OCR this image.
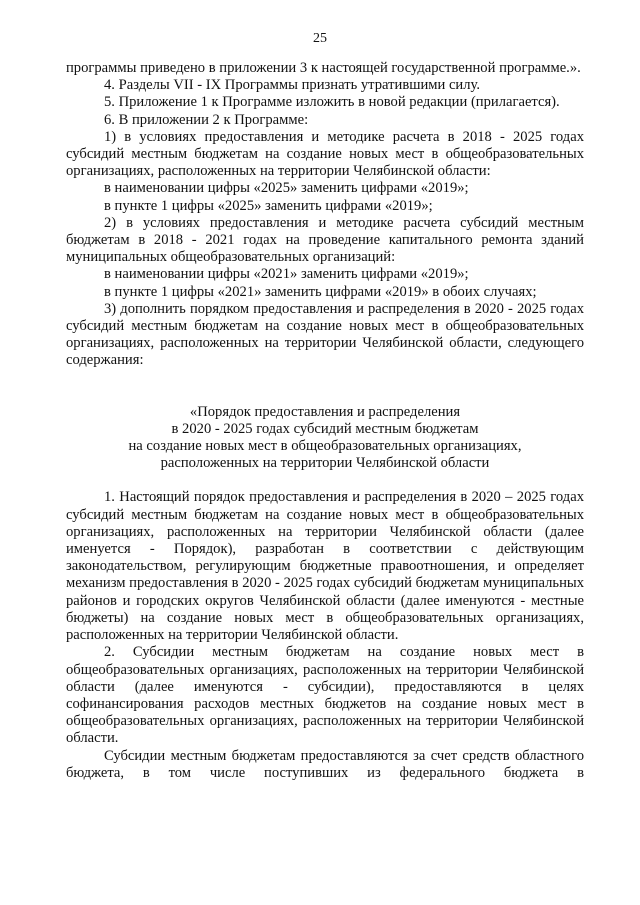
25

программы приведено в приложении 3 к настоящей государственной программе.».

4. Разделы VII - IX Программы признать утратившими силу.

5. Приложение 1 к Программе изложить в новой редакции (прилагается).

6. В приложении 2 к Программе:

1) в условиях предоставления и методике расчета в 2018 - 2025 годах субсидий местным бюджетам на создание новых мест в общеобразовательных организациях, расположенных на территории Челябинской области:

в наименовании цифры «2025» заменить цифрами «2019»;

в пункте 1 цифры «2025» заменить цифрами «2019»;

2) в условиях предоставления и методике расчета субсидий местным бюджетам в 2018 - 2021 годах на проведение капитального ремонта зданий муниципальных общеобразовательных организаций:

в наименовании цифры «2021» заменить цифрами «2019»;

в пункте 1 цифры «2021» заменить цифрами «2019» в обоих случаях;

3) дополнить порядком предоставления и распределения в 2020 - 2025 годах субсидий местным бюджетам на создание новых мест в общеобразовательных организациях, расположенных на территории Челябинской области, следующего содержания:

«Порядок предоставления и распределения

в 2020 - 2025 годах субсидий местным бюджетам

на создание новых мест в общеобразовательных организациях,

расположенных на территории Челябинской области

1. Настоящий порядок предоставления и распределения в 2020 – 2025 годах субсидий местным бюджетам на создание новых мест в общеобразовательных организациях, расположенных на территории Челябинской области (далее именуется - Порядок), разработан в соответствии с действующим законодательством, регулирующим бюджетные правоотношения, и определяет механизм предоставления в 2020 - 2025 годах субсидий бюджетам муниципальных районов и городских округов Челябинской области (далее именуются - местные бюджеты) на создание новых мест в общеобразовательных организациях, расположенных на территории Челябинской области.

2. Субсидии местным бюджетам на создание новых мест в общеобразовательных организациях, расположенных на территории Челябинской области (далее именуются - субсидии), предоставляются в целях софинансирования расходов местных бюджетов на создание новых мест в общеобразовательных организациях, расположенных на территории Челябинской области.

Субсидии местным бюджетам предоставляются за счет средств областного бюджета, в том числе поступивших из федерального бюджета в
